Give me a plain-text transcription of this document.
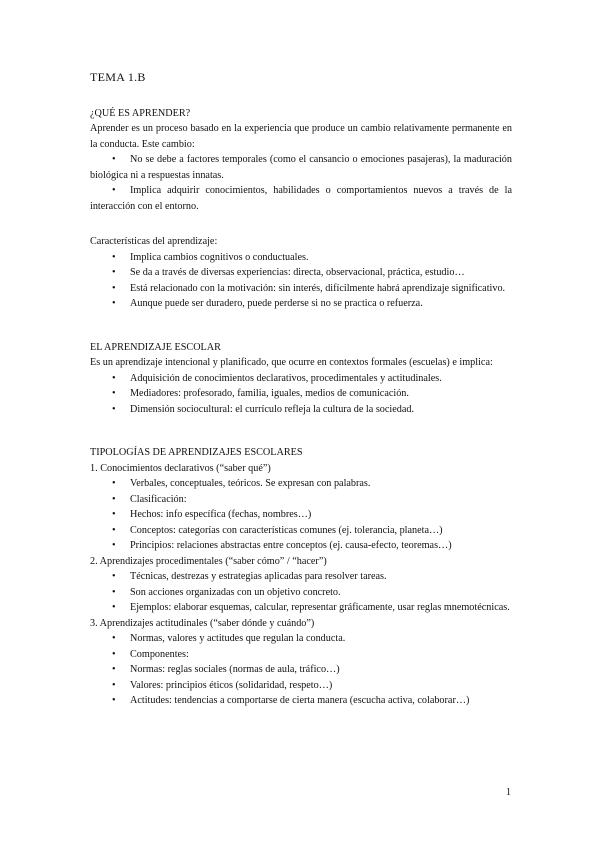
TEMA 1.B

¿QUÉ ES APRENDER?

Aprender es un proceso basado en la experiencia que produce un cambio relativamente permanente en la conducta. Este cambio:

• No se debe a factores temporales (como el cansancio o emociones pasajeras), la maduración biológica ni a respuestas innatas.
• Implica adquirir conocimientos, habilidades o comportamientos nuevos a través de la interacción con el entorno.

Características del aprendizaje:

• Implica cambios cognitivos o conductuales.
• Se da a través de diversas experiencias: directa, observacional, práctica, estudio…
• Está relacionado con la motivación: sin interés, difícilmente habrá aprendizaje significativo.
• Aunque puede ser duradero, puede perderse si no se practica o refuerza.

EL APRENDIZAJE ESCOLAR

Es un aprendizaje intencional y planificado, que ocurre en contextos formales (escuelas) e implica:

• Adquisición de conocimientos declarativos, procedimentales y actitudinales.
• Mediadores: profesorado, familia, iguales, medios de comunicación.
• Dimensión sociocultural: el currículo refleja la cultura de la sociedad.

TIPOLOGÍAS DE APRENDIZAJES ESCOLARES

1. Conocimientos declarativos (“saber qué”)

• Verbales, conceptuales, teóricos. Se expresan con palabras.
• Clasificación:
• Hechos: info específica (fechas, nombres…)
• Conceptos: categorías con características comunes (ej. tolerancia, planeta…)
• Principios: relaciones abstractas entre conceptos (ej. causa-efecto, teoremas…)

2. Aprendizajes procedimentales (“saber cómo” / “hacer”)

• Técnicas, destrezas y estrategias aplicadas para resolver tareas.
• Son acciones organizadas con un objetivo concreto.
• Ejemplos: elaborar esquemas, calcular, representar gráficamente, usar reglas mnemotécnicas.

3. Aprendizajes actitudinales (“saber dónde y cuándo”)

• Normas, valores y actitudes que regulan la conducta.
• Componentes:
• Normas: reglas sociales (normas de aula, tráfico…)
• Valores: principios éticos (solidaridad, respeto…)
• Actitudes: tendencias a comportarse de cierta manera (escucha activa, colaborar…)
1
